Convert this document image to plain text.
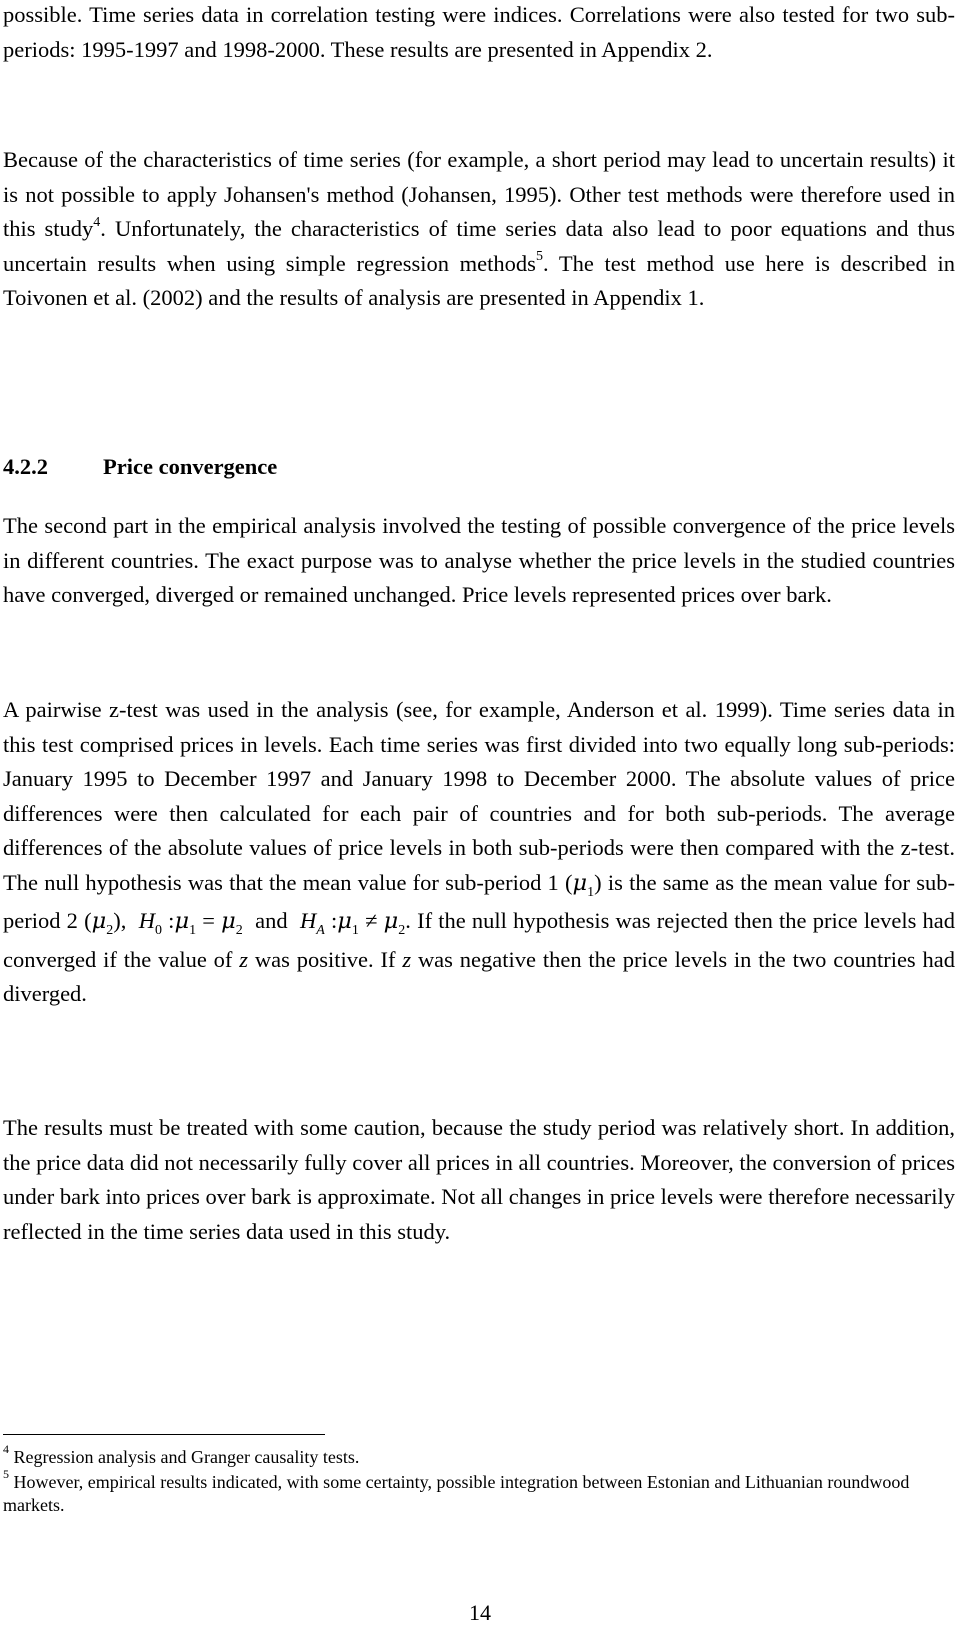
possible. Time series data in correlation testing were indices. Correlations were also tested for two sub-periods: 1995-1997 and 1998-2000. These results are presented in Appendix 2.

Because of the characteristics of time series (for example, a short period may lead to uncertain results) it is not possible to apply Johansen's method (Johansen, 1995). Other test methods were therefore used in this study$^4$. Unfortunately, the characteristics of time series data also lead to poor equations and thus uncertain results when using simple regression methods$^5$. The test method use here is described in Toivonen et al. (2002) and the results of analysis are presented in Appendix 1.

4.2.2 Price convergence

The second part in the empirical analysis involved the testing of possible convergence of the price levels in different countries. The exact purpose was to analyse whether the price levels in the studied countries have converged, diverged or remained unchanged. Price levels represented prices over bark.

A pairwise z-test was used in the analysis (see, for example, Anderson et al. 1999). Time series data in this test comprised prices in levels. Each time series was first divided into two equally long sub-periods: January 1995 to December 1997 and January 1998 to December 2000. The absolute values of price differences were then calculated for each pair of countries and for both sub-periods. The average differences of the absolute values of price levels in both sub-periods were then compared with the z-test. The null hypothesis was that the mean value for sub-period 1 $(\mu_1)$ is the same as the mean value for sub-period 2 $(\mu_2)$, $H_0$ $:\mu_1 = \mu_2$ and $H_A$ $:\mu_1 \ne \mu_2$. If the null hypothesis was rejected then the price levels had converged if the value of z was positive. If z was negative then the price levels in the two countries had diverged.

The results must be treated with some caution, because the study period was relatively short. In addition, the price data did not necessarily fully cover all prices in all countries. Moreover, the conversion of prices under bark into prices over bark is approximate. Not all changes in price levels were therefore necessarily reflected in the time series data used in this study.

$^4$ Regression analysis and Granger causality tests.
$^5$ However, empirical results indicated, with some certainty, possible integration between Estonian and Lithuanian roundwood markets.
14
